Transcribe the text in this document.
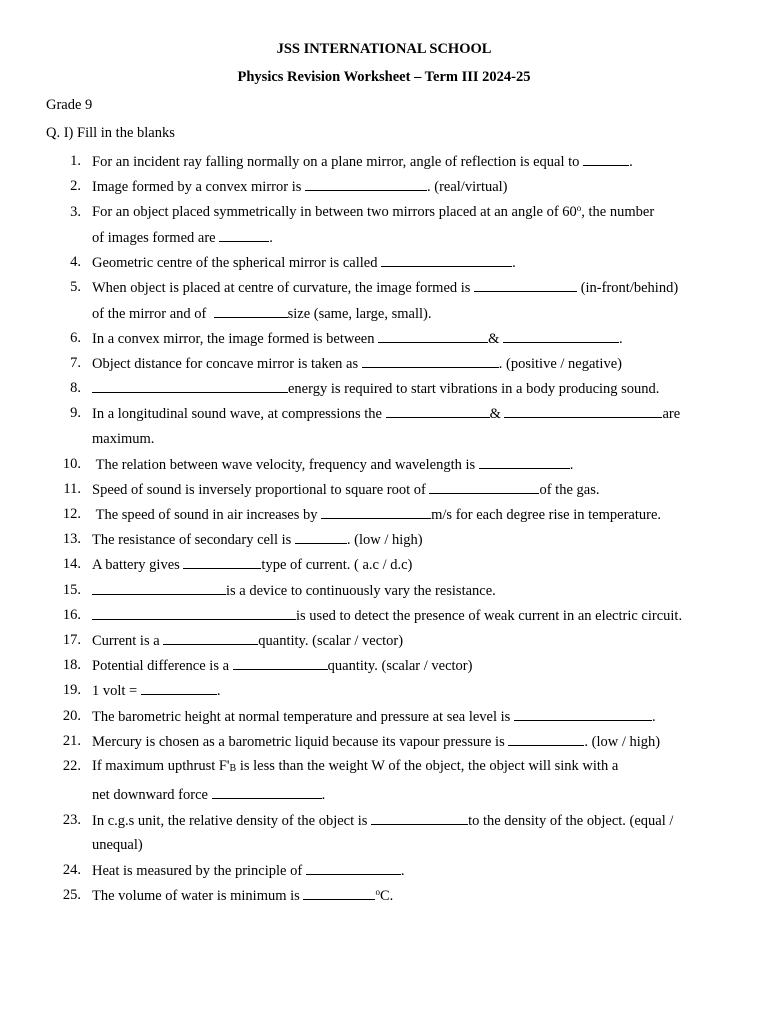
JSS INTERNATIONAL SCHOOL
Physics Revision Worksheet – Term III 2024-25
Grade 9
Q. I) Fill in the blanks
1. For an incident ray falling normally on a plane mirror, angle of reflection is equal to	.
2. Image formed by a convex mirror is	. (real/virtual)
3. For an object placed symmetrically in between two mirrors placed at an angle of 60$^o$, the number
of images formed are	.
4. Geometric centre of the spherical mirror is called	.
5. When object is placed at centre of curvature, the image formed is	(in-front/behind)
of the mirror and of	size (same, large, small).
6. In a convex mirror, the image formed is between	&	.
7. Object distance for concave mirror is taken as	. (positive / negative)
8.	energy is required to start vibrations in a body producing sound.
9. In a longitudinal sound wave, at compressions the	&	are
maximum.
10. The relation between wave velocity, frequency and wavelength is	.
11. Speed of sound is inversely proportional to square root of	of the gas.
12. The speed of sound in air increases by	m/s for each degree rise in temperature.
13. The resistance of secondary cell is	. (low / high)
14. A battery gives	type of current. ( a.c / d.c)
15.	is a device to continuously vary the resistance.
16.	is used to detect the presence of weak current in an electric circuit.
17. Current is a	quantity. (scalar / vector)
18. Potential difference is a	quantity. (scalar / vector)
19. 1 volt =	.
20. The barometric height at normal temperature and pressure at sea level is	.
21. Mercury is chosen as a barometric liquid because its vapour pressure is	. (low / high)
22. If maximum upthrust $F'_B$ is less than the weight W of the object, the object will sink with a
net downward force	.
23. In c.g.s unit, the relative density of the object is	to the density of the object. (equal /
unequal)
24. Heat is measured by the principle of	.
25. The volume of water is minimum is	$^o$C.
